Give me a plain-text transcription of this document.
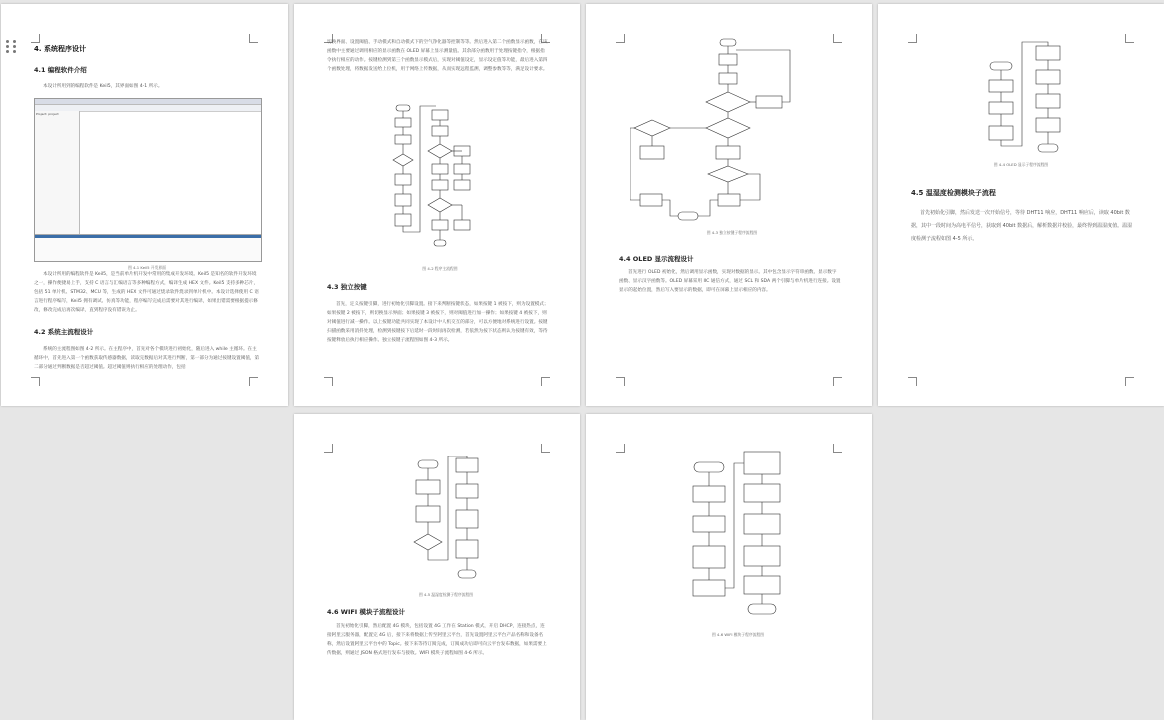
4. 系统程序设计
4.1 编程软件介绍
本设计所用到的编程软件是 Keil5，其界面如图 4-1 所示。
Project: project
图 4-1 Keil5 开发界面
本设计所用的编程软件是 Keil5，是当前单片机开发中常用的集成开发环境。Keil5 是知名的软件开发环境之一，操作便捷易上手，支持 C 语言与汇编语言等多种编程方式，编译生成 HEX 文件。Keil5 支持多种芯片，包括 51 单片机、STM32、MCU 等，生成的 HEX 文件可通过烧录软件烧录到单片机中。本设计选择使用 C 语言进行程序编写，Keil5 拥有调试、仿真等功能，程序编写完成后需要对其进行编译，如果出错需要根据提示修改，修改完成后再次编译，直到程序没有错误为止。
4.2 系统主流程设计
系统的主流程图如图 4-2 所示。在主程序中，首先对各个模块进行初始化，随后进入 while 主循环。在主循环中，首先进入第一个函数获取传感器数据，读取完数据后对其进行判断，第一部分为通过按键设置阈值，第二部分通过判断数据是否超过阈值。超过阈值则执行相应的处理动作，包括
切换界面、设置阈值、手动模式和自动模式下的空气净化器等控制等等。然后进入第二个函数显示函数，在该函数中主要通过调用相应的显示函数在 OLED 屏幕上显示测量值。其余部分函数用于处理按键指令，根据指令执行相应的动作。按键检测到第三个函数显示模式后，实现对阈值设定，显示设定值等功能，最后进入第四个函数处理，将数据发送给上位机，用于网络上传数据，从而实现远程监测，调整参数等等，满足设计要求。
图 4-2 程序主流程图
4.3 独立按键
首先，定义按键引脚，进行初始化引脚设置。接下来判断按键状态，如果按键 1 被按下，则为设置模式；如果按键 2 被按下，则切换显示界面；如果按键 3 被按下，则对阈值进行加一操作；如果按键 4 被按下，则对阈值进行减一操作。以上按键功能共同实现了本设计中人机交互的部分，可以方便地对系统进行设置。按键扫描函数采用消抖处理，检测到按键按下后延时一段时间再次检测，若依然为按下状态则认为按键有效，等待按键释放后执行相应操作。独立按键子流程图如图 4-3 所示。
图 4-3 独立按键子程序流程图
4.4 OLED 显示流程设计
首先进行 OLED 初始化，然后调用显示函数，实现对数据的显示。其中包含显示字符串函数、显示数字函数、显示汉字函数等。OLED 屏幕采用 IIC 通信方式，通过 SCL 和 SDA 两个引脚与单片机进行连接。设置显示的起始位置，然后写入要显示的数据，即可在屏幕上显示相应的内容。
图 4-4 OLED 显示子程序流程图
4.5 温湿度检测模块子流程
首先初始化引脚，然后发送一次开始信号，等待 DHT11 响应，DHT11 响应后，读取 40bit 数据，其中一段时间为高电平信号，获取到 40bit 数据后，解析数据并校验，最终得到温湿度值。温湿度检测子流程如图 4-5 所示。
图 4-5 温湿度检测子程序流程图
4.6 WIFI 模块子流程设计
首先初始化引脚，然后配置 4G 模块，包括设置 4G 工作在 Station 模式，开启 DHCP，连接热点，连接阿里云服务器，配置完 4G 后，接下来将数据上传至阿里云平台，首先设置阿里云平台产品名称和设备名称，然后设置阿里云平台中的 Topic。接下来等待订阅完成，订阅成功后即可向云平台发布数据，如果需要上传数据，则通过 JSON 格式进行发布与接收。WIFI 模块子流程如图 4-6 所示。
图 4-6 WIFI 模块子程序流程图
